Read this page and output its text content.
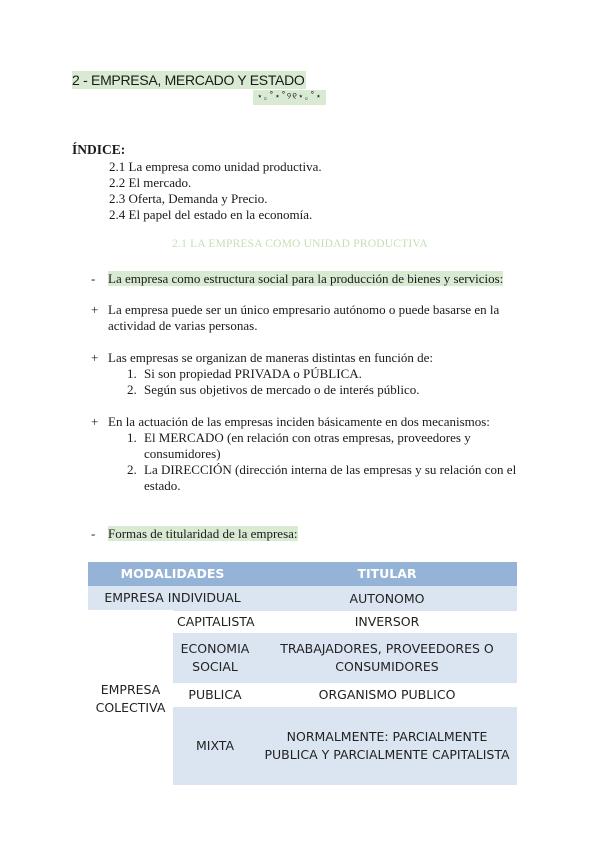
2 - EMPRESA, MERCADO Y ESTADO
⋆｡˚⋆˚୨୧⋆｡˚⋆
ÍNDICE:
2.1 La empresa como unidad productiva.
2.2 El mercado.
2.3 Oferta, Demanda y Precio.
2.4 El papel del estado en la economía.
2.1 LA EMPRESA COMO UNIDAD PRODUCTIVA
- La empresa como estructura social para la producción de bienes y servicios:
+ La empresa puede ser un único empresario autónomo o puede basarse en la actividad de varias personas.
+ Las empresas se organizan de maneras distintas en función de:
1. Si son propiedad PRIVADA o PÚBLICA.
2. Según sus objetivos de mercado o de interés público.
+ En la actuación de las empresas inciden básicamente en dos mecanismos:
1. El MERCADO (en relación con otras empresas, proveedores y consumidores)
2. La DIRECCIÓN (dirección interna de las empresas y su relación con el estado.
- Formas de titularidad de la empresa:
MODALIDADES		TITULAR
EMPRESA INDIVIDUAL		AUTONOMO
EMPRESA COLECTIVA	CAPITALISTA	INVERSOR
	ECONOMIA SOCIAL	TRABAJADORES, PROVEEDORES O CONSUMIDORES
	PUBLICA	ORGANISMO PUBLICO
	MIXTA	NORMALMENTE: PARCIALMENTE PUBLICA Y PARCIALMENTE CAPITALISTA
